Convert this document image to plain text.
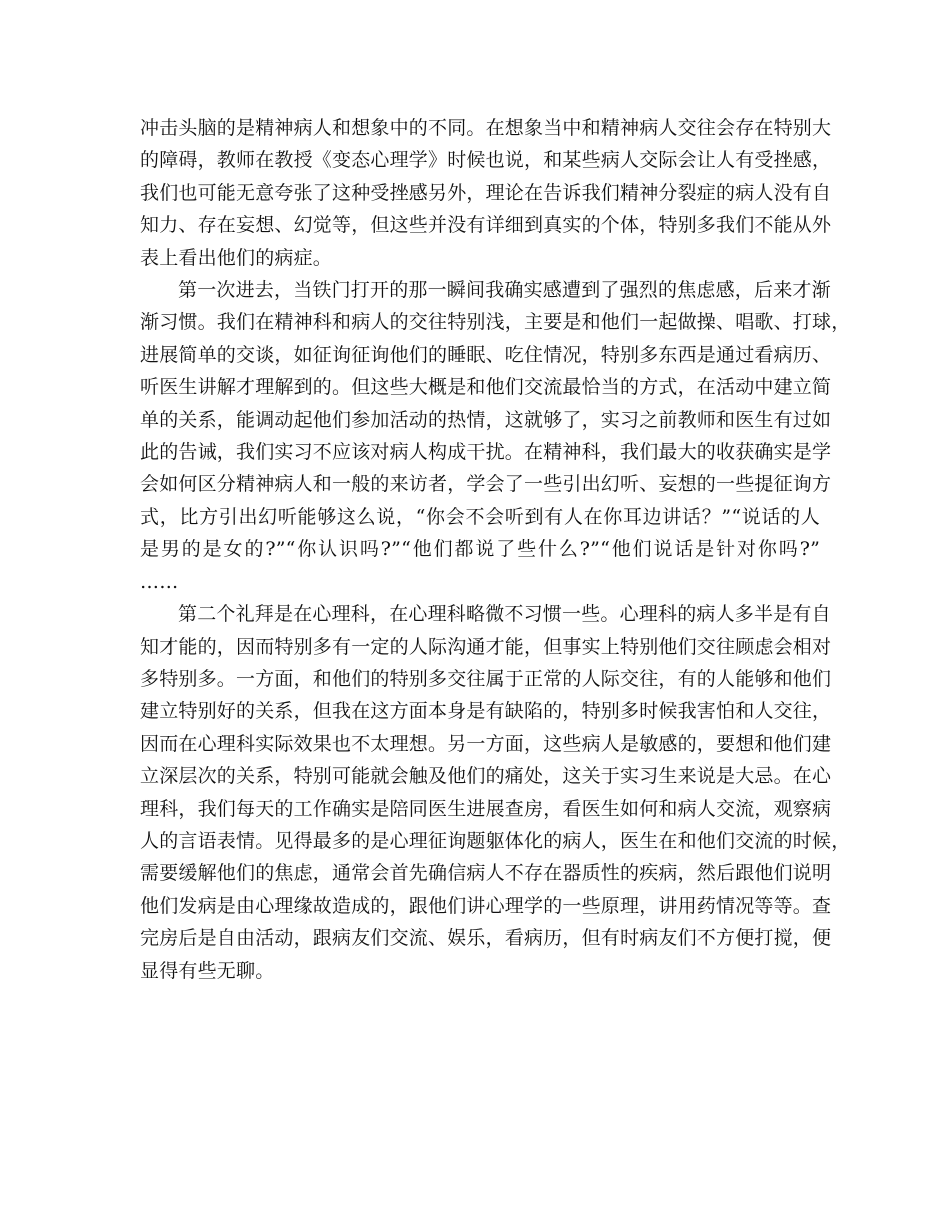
冲击头脑的是精神病人和想象中的不同。在想象当中和精神病人交往会存在特别大
的障碍，教师在教授《变态心理学》时候也说，和某些病人交际会让人有受挫感，
我们也可能无意夸张了这种受挫感另外，理论在告诉我们精神分裂症的病人没有自
知力、存在妄想、幻觉等，但这些并没有详细到真实的个体，特别多我们不能从外
表上看出他们的病症。

第一次进去，当铁门打开的那一瞬间我确实感遭到了强烈的焦虑感，后来才渐
渐习惯。我们在精神科和病人的交往特别浅，主要是和他们一起做操、唱歌、打球，
进展简单的交谈，如征询征询他们的睡眠、吃住情况，特别多东西是通过看病历、
听医生讲解才理解到的。但这些大概是和他们交流最恰当的方式，在活动中建立简
单的关系，能调动起他们参加活动的热情，这就够了，实习之前教师和医生有过如
此的告诫，我们实习不应该对病人构成干扰。在精神科，我们最大的收获确实是学
会如何区分精神病人和一般的来访者，学会了一些引出幻听、妄想的一些提征询方
式，比方引出幻听能够这么说，“你会不会听到有人在你耳边讲话？”“说话的人
是男的是女的?”“你认识吗?”“他们都说了些什么?”“他们说话是针对你吗?”
……

第二个礼拜是在心理科，在心理科略微不习惯一些。心理科的病人多半是有自
知才能的，因而特别多有一定的人际沟通才能，但事实上特别他们交往顾虑会相对
多特别多。一方面，和他们的特别多交往属于正常的人际交往，有的人能够和他们
建立特别好的关系，但我在这方面本身是有缺陷的，特别多时候我害怕和人交往，
因而在心理科实际效果也不太理想。另一方面，这些病人是敏感的，要想和他们建
立深层次的关系，特别可能就会触及他们的痛处，这关于实习生来说是大忌。在心
理科，我们每天的工作确实是陪同医生进展查房，看医生如何和病人交流，观察病
人的言语表情。见得最多的是心理征询题躯体化的病人，医生在和他们交流的时候，
需要缓解他们的焦虑，通常会首先确信病人不存在器质性的疾病，然后跟他们说明
他们发病是由心理缘故造成的，跟他们讲心理学的一些原理，讲用药情况等等。查
完房后是自由活动，跟病友们交流、娱乐，看病历，但有时病友们不方便打搅，便
显得有些无聊。
